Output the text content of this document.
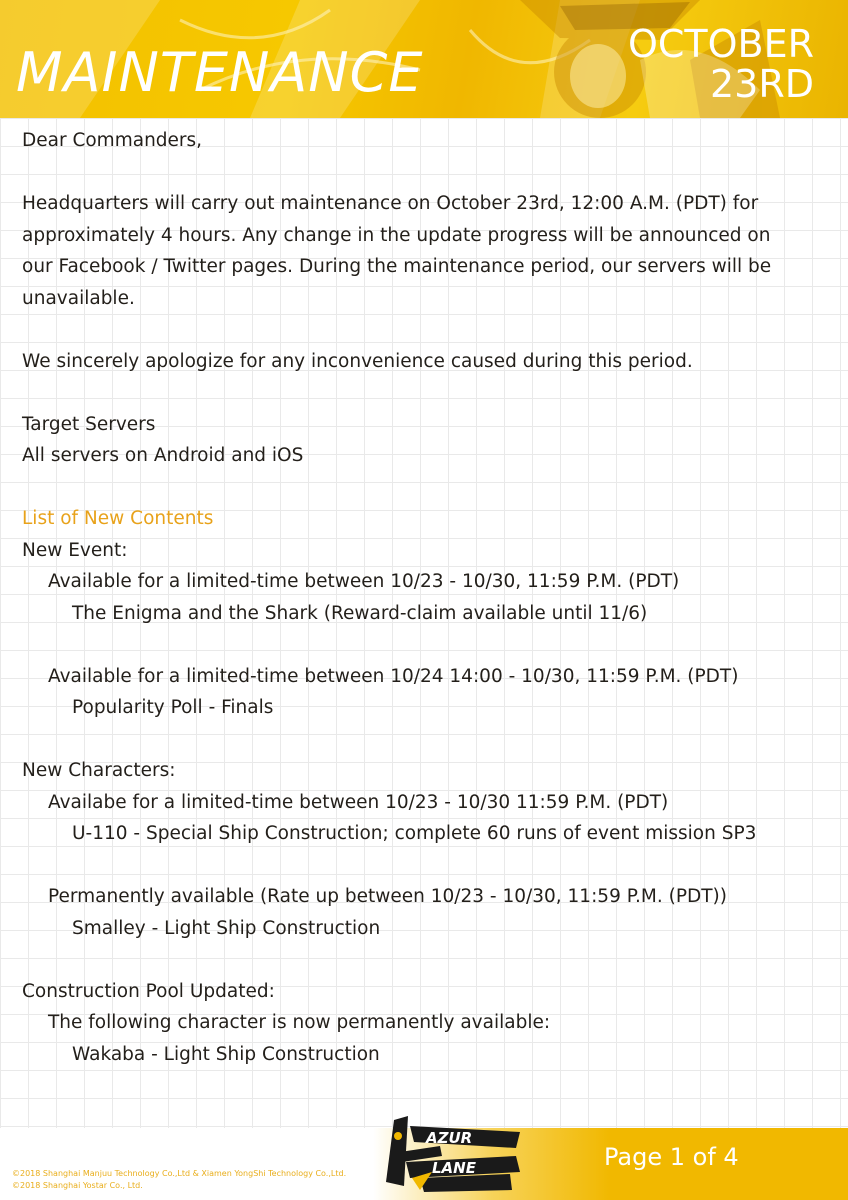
MAINTENANCE	OCTOBER
23RD

Dear Commanders,

Headquarters will carry out maintenance on October 23rd, 12:00 A.M. (PDT) for
approximately 4 hours. Any change in the update progress will be announced on
our Facebook / Twitter pages. During the maintenance period, our servers will be
unavailable.

We sincerely apologize for any inconvenience caused during this period.

Target Servers

All servers on Android and iOS

List of New Contents

New Event:

Available for a limited-time between 10/23 - 10/30, 11:59 P.M. (PDT)

The Enigma and the Shark (Reward-claim available until 11/6)

Available for a limited-time between 10/24 14:00 - 10/30, 11:59 P.M. (PDT)

Popularity Poll - Finals

New Characters:

Availabe for a limited-time between 10/23 - 10/30 11:59 P.M. (PDT)

U-110 - Special Ship Construction; complete 60 runs of event mission SP3

Permanently available (Rate up between 10/23 - 10/30, 11:59 P.M. (PDT))

Smalley - Light Ship Construction

Construction Pool Updated:

The following character is now permanently available:

Wakaba - Light Ship Construction

©2018 Shanghai Manjuu Technology Co.,Ltd & Xiamen YongShi Technology Co.,Ltd.
©2018 Shanghai Yostar Co., Ltd.
AZUR
LANE	Page 1 of 4
